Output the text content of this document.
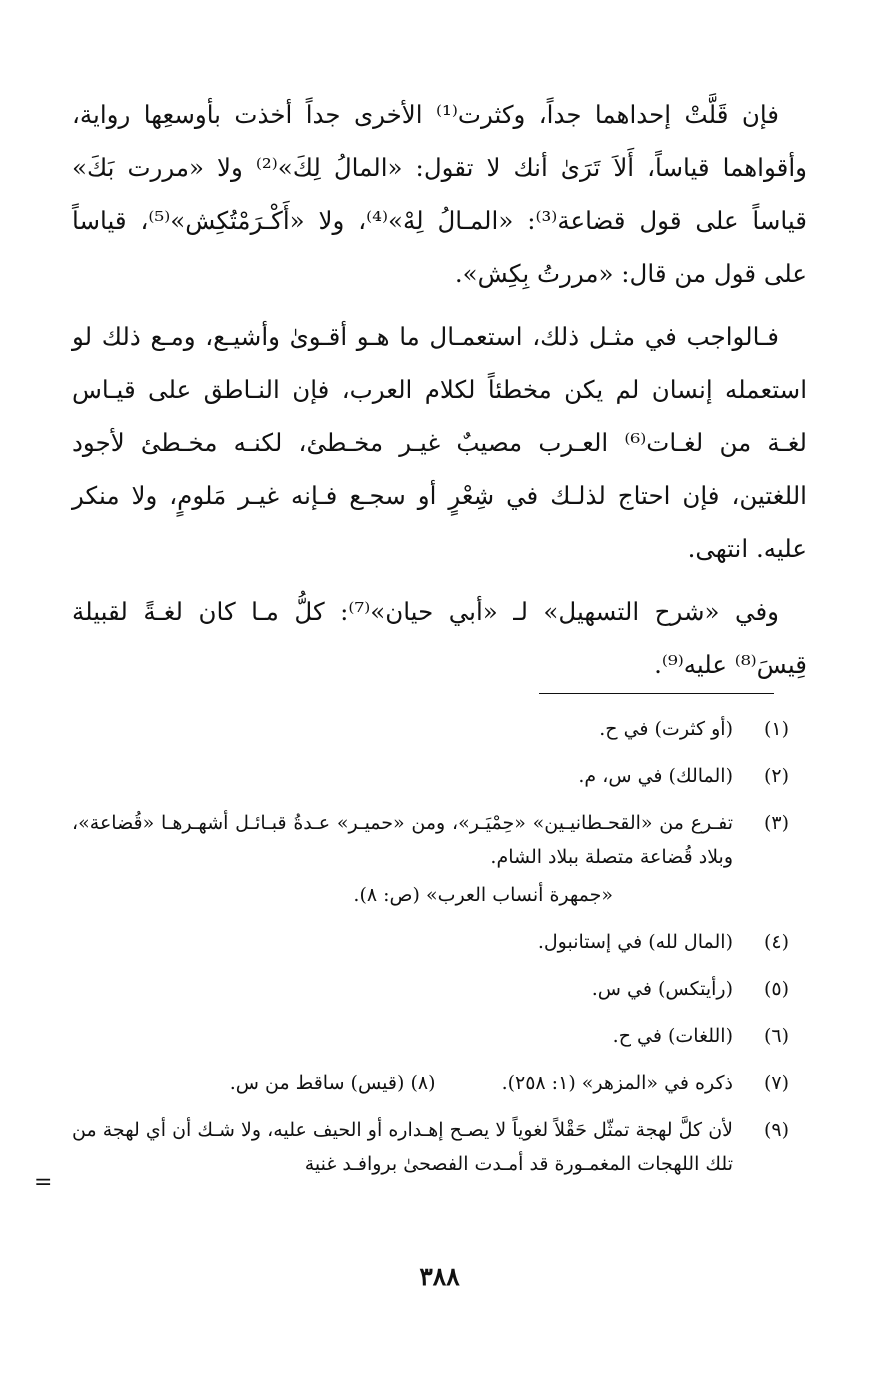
فإن قَلَّتْ إحداهما جداً، وكثرت⁽¹⁾ الأخرى جداً أخذت بأوسعِها رواية، وأقواهما قياساً، أَلاَ تَرَىٰ أنك لا تقول: «المالُ لِكَ»⁽²⁾ ولا «مررت بَكَ» قياساً على قول قضاعة⁽³⁾: «المـالُ لِهْ»⁽⁴⁾، ولا «أَكْـرَمْتُكِش»⁽⁵⁾، قياساً على قول من قال: «مررتُ بِكِش».

فـالواجب في مثـل ذلك، استعمـال ما هـو أقـوىٰ وأشيـع، ومـع ذلك لو استعمله إنسان لم يكن مخطئاً لكلام العرب، فإن النـاطق على قيـاس لغـة من لغـات⁽⁶⁾ العـرب مصيبٌ غيـر مخـطئ، لكنـه مخـطئ لأجود اللغتين، فإن احتاج لذلـك في شِعْرٍ أو سجـع فـإنه غيـر مَلومٍ، ولا منكر عليه. انتهى.

وفي «شرح التسهيل» لـ «أبي حيان»⁽⁷⁾: كلُّ مـا كان لغـةً لقبيلة قِيسَ⁽⁸⁾ عليه⁽⁹⁾.

(١)
(أو كثرت) في ح.
(٢)
(المالك) في س، م.
(٣)
تفـرع من «القحـطانيـين» «حِمْيَـر»، ومن «حميـر» عـدةُ قبـائـل أشهـرهـا «قُضاعة»، وبلاد قُضاعة متصلة ببلاد الشام.
«جمهرة أنساب العرب» (ص: ٨).
(٤)
(المال لله) في إستانبول.
(٥)
(رأيتكس) في س.
(٦)
(اللغات) في ح.
(٧)
ذكره في «المزهر» (١: ٢٥٨). (٨) (قيس) ساقط من س.
(٩)
لأن كلَّ لهجة تمثّل حَقْلاً لغوياً لا يصـح إهـداره أو الحيف عليه، ولا شـك أن أي لهجة من تلك اللهجات المغمـورة قد أمـدت الفصحىٰ بروافـد غنية
=
٣٨٨
